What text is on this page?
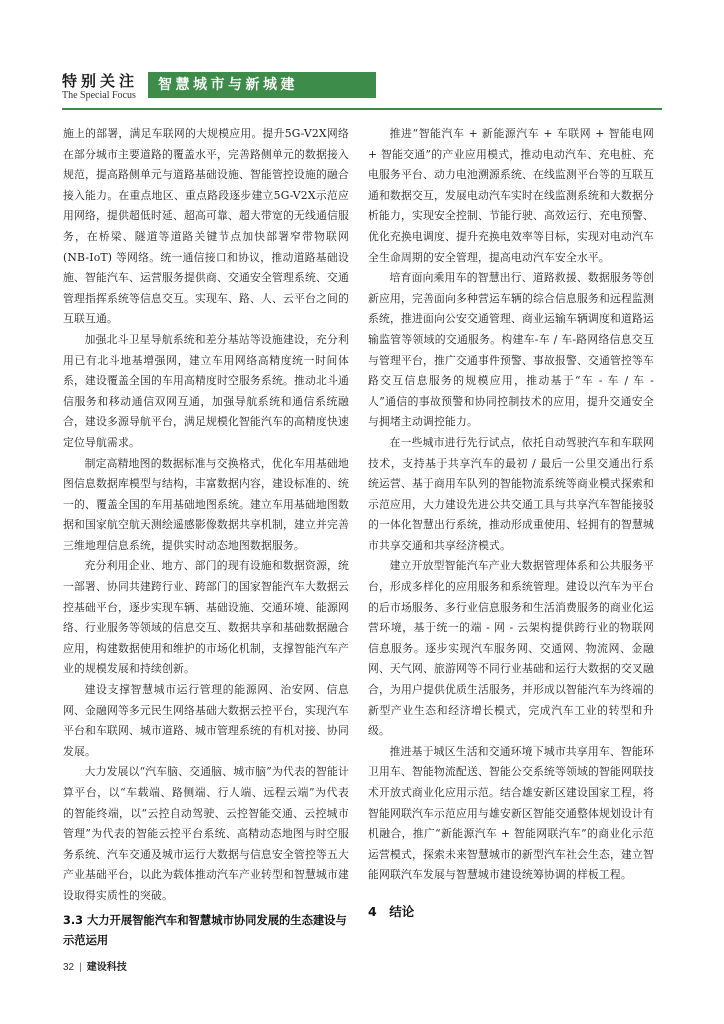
特别关注
The Special Focus
智慧城市与新城建

施上的部署，满足车联网的大规模应用。提升5G-V2X网络在部分城市主要道路的覆盖水平，完善路侧单元的数据接入规范，提高路侧单元与道路基础设施、智能管控设施的融合接入能力。在重点地区、重点路段逐步建立5G-V2X示范应用网络，提供超低时延、超高可靠、超大带宽的无线通信服务，在桥梁、隧道等道路关键节点加快部署窄带物联网 (NB-IoT) 等网络。统一通信接口和协议，推动道路基础设施、智能汽车、运营服务提供商、交通安全管理系统、交通管理指挥系统等信息交互。实现车、路、人、云平台之间的互联互通。

加强北斗卫星导航系统和差分基站等设施建设，充分利用已有北斗地基增强网，建立车用网络高精度统一时间体系，建设覆盖全国的车用高精度时空服务系统。推动北斗通信服务和移动通信双网互通，加强导航系统和通信系统融合，建设多源导航平台，满足规模化智能汽车的高精度快速定位导航需求。

制定高精地图的数据标准与交换格式，优化车用基础地图信息数据库模型与结构，丰富数据内容，建设标准的、统一的、覆盖全国的车用基础地图系统。建立车用基础地图数据和国家航空航天测绘遥感影像数据共享机制，建立并完善三维地理信息系统，提供实时动态地图数据服务。

充分利用企业、地方、部门的现有设施和数据资源，统一部署、协同共建跨行业、跨部门的国家智能汽车大数据云控基础平台，逐步实现车辆、基础设施、交通环境、能源网络、行业服务等领域的信息交互、数据共享和基础数据融合应用，构建数据使用和维护的市场化机制，支撑智能汽车产业的规模发展和持续创新。

建设支撑智慧城市运行管理的能源网、治安网、信息网、金融网等多元民生网络基础大数据云控平台，实现汽车平台和车联网、城市道路、城市管理系统的有机对接、协同发展。

大力发展以“汽车脑、交通脑、城市脑”为代表的智能计算平台，以“车载端、路侧端、行人端、远程云端”为代表的智能终端，以“云控自动驾驶、云控智能交通、云控城市管理”为代表的智能云控平台系统、高精动态地图与时空服务系统、汽车交通及城市运行大数据与信息安全管控等五大产业基础平台，以此为载体推动汽车产业转型和智慧城市建设取得实质性的突破。

3.3 大力开展智能汽车和智慧城市协同发展的生态建设与示范运用

推进“智能汽车 + 新能源汽车 + 车联网 + 智能电网 + 智能交通”的产业应用模式，推动电动汽车、充电桩、充电服务平台、动力电池溯源系统、在线监测平台等的互联互通和数据交互，发展电动汽车实时在线监测系统和大数据分析能力，实现安全控制、节能行驶、高效运行、充电预警、优化充换电调度、提升充换电效率等目标，实现对电动汽车全生命周期的安全管理，提高电动汽车安全水平。

培育面向乘用车的智慧出行、道路救援、数据服务等创新应用，完善面向多种营运车辆的综合信息服务和远程监测系统，推进面向公安交通管理、商业运输车辆调度和道路运输监管等领域的交通服务。构建车-车 / 车-路网络信息交互与管理平台，推广交通事件预警、事故报警、交通管控等车路交互信息服务的规模应用，推动基于“车 - 车 / 车 - 人”通信的事故预警和协同控制技术的应用，提升交通安全与拥堵主动调控能力。

在一些城市进行先行试点，依托自动驾驶汽车和车联网技术，支持基于共享汽车的最初 / 最后一公里交通出行系统运营、基于商用车队列的智能物流系统等商业模式探索和示范应用，大力建设先进公共交通工具与共享汽车智能接驳的一体化智慧出行系统，推动形成重使用、轻拥有的智慧城市共享交通和共享经济模式。

建立开放型智能汽车产业大数据管理体系和公共服务平台，形成多样化的应用服务和系统管理。建设以汽车为平台的后市场服务、多行业信息服务和生活消费服务的商业化运营环境，基于统一的端 - 网 - 云架构提供跨行业的物联网信息服务。逐步实现汽车服务网、交通网、物流网、金融网、天气网、旅游网等不同行业基础和运行大数据的交叉融合，为用户提供优质生活服务，并形成以智能汽车为终端的新型产业生态和经济增长模式，完成汽车工业的转型和升级。

推进基于城区生活和交通环境下城市共享用车、智能环卫用车、智能物流配送、智能公交系统等领域的智能网联技术开放式商业化应用示范。结合雄安新区建设国家工程，将智能网联汽车示范应用与雄安新区智能交通整体规划设计有机融合，推广“新能源汽车 + 智能网联汽车”的商业化示范运营模式，探索未来智慧城市的新型汽车社会生态，建立智能网联汽车发展与智慧城市建设统筹协调的样板工程。

4　结论

32 | 建设科技
